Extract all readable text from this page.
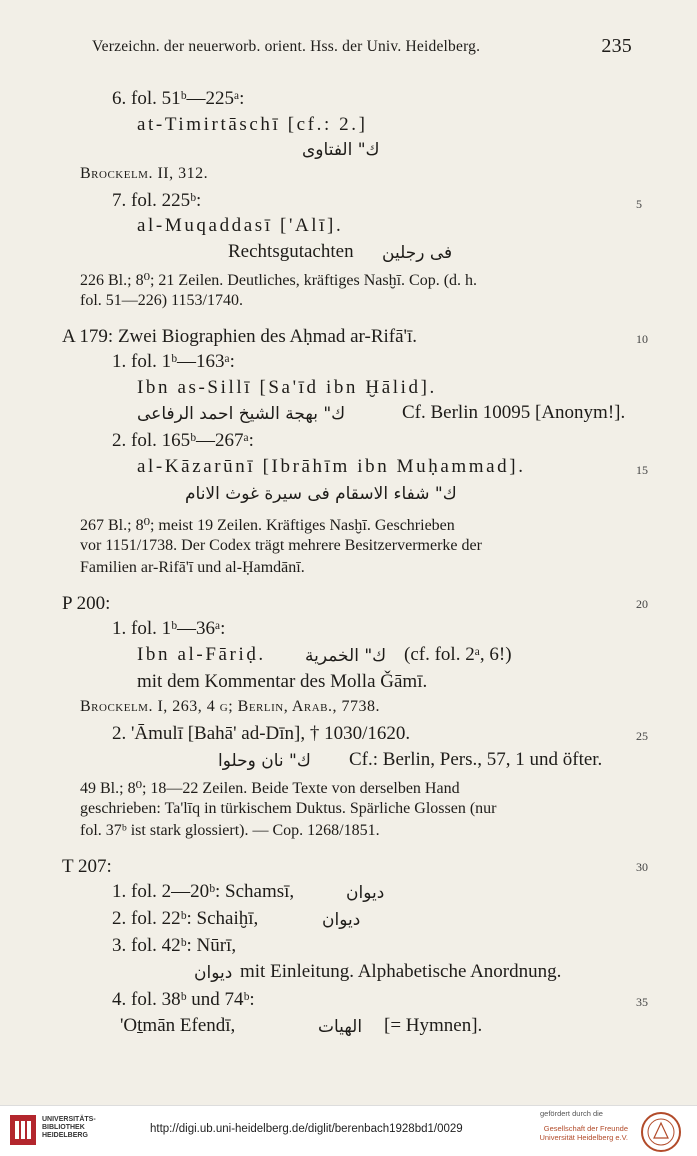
Verzeichn. der neuerworb. orient. Hss. der Univ. Heidelberg.	235
6. fol. 51ᵇ—225ᵃ:
at-Timirtāschī [cf.: 2.]
ك" الفتاوى
Brockelm. II, 312.
7. fol. 225ᵇ:
al-Muqaddasī ['Alī].
Rechtsgutachten فى رجلين
226 Bl.; 8⁰; 21 Zeilen. Deutliches, kräftiges Nasḫī. Cop. (d. h.
fol. 51—226) 1153/1740.
A 179: Zwei Biographien des Aḥmad ar-Rifā'ī.
1. fol. 1ᵇ—163ᵃ:
Ibn as-Sillī [Sa'īd ibn Ḫālid].
ك" بهجة الشيخ احمد الرفاعى	Cf. Berlin 10095 [Anonym!].
2. fol. 165ᵇ—267ᵃ:
al-Kāzarūnī [Ibrāhīm ibn Muḥammad].
ك" شفاء الاسقام فى سيرة غوث الانام
267 Bl.; 8⁰; meist 19 Zeilen. Kräftiges Nasḫī. Geschrieben
vor 1151/1738. Der Codex trägt mehrere Besitzervermerke der
Familien ar-Rifā'ī und al-Ḥamdānī.
P 200:
1. fol. 1ᵇ—36ᵃ:
Ibn al-Fāriḍ. ك" الخمرية (cf. fol. 2ᵃ, 6!)
mit dem Kommentar des Molla Ǧāmī.
Brockelm. I, 263, 4 g; Berlin, Arab., 7738.
2. 'Āmulī [Bahā' ad-Dīn], † 1030/1620.
ك" نان وحلوا Cf.: Berlin, Pers., 57, 1 und öfter.
49 Bl.; 8⁰; 18—22 Zeilen. Beide Texte von derselben Hand
geschrieben: Ta'līq in türkischem Duktus. Spärliche Glossen (nur
fol. 37ᵇ ist stark glossiert). — Cop. 1268/1851.
T 207:
1. fol. 2—20ᵇ: Schamsī,	ديوان
2. fol. 22ᵇ: Schaiḫī,	ديوان
3. fol. 42ᵇ: Nūrī,
ديوان mit Einleitung. Alphabetische Anordnung.
4. fol. 38ᵇ und 74ᵇ:
'Oṯmān Efendī,	الهيات [= Hymnen].
5
10
15
20
25
30
35
UNIVERSITÄTS-
BIBLIOTHEK
HEIDELBERG
http://digi.ub.uni-heidelberg.de/diglit/berenbach1928bd1/0029
gefördert durch die
Gesellschaft der Freunde
Universität Heidelberg e.V.
